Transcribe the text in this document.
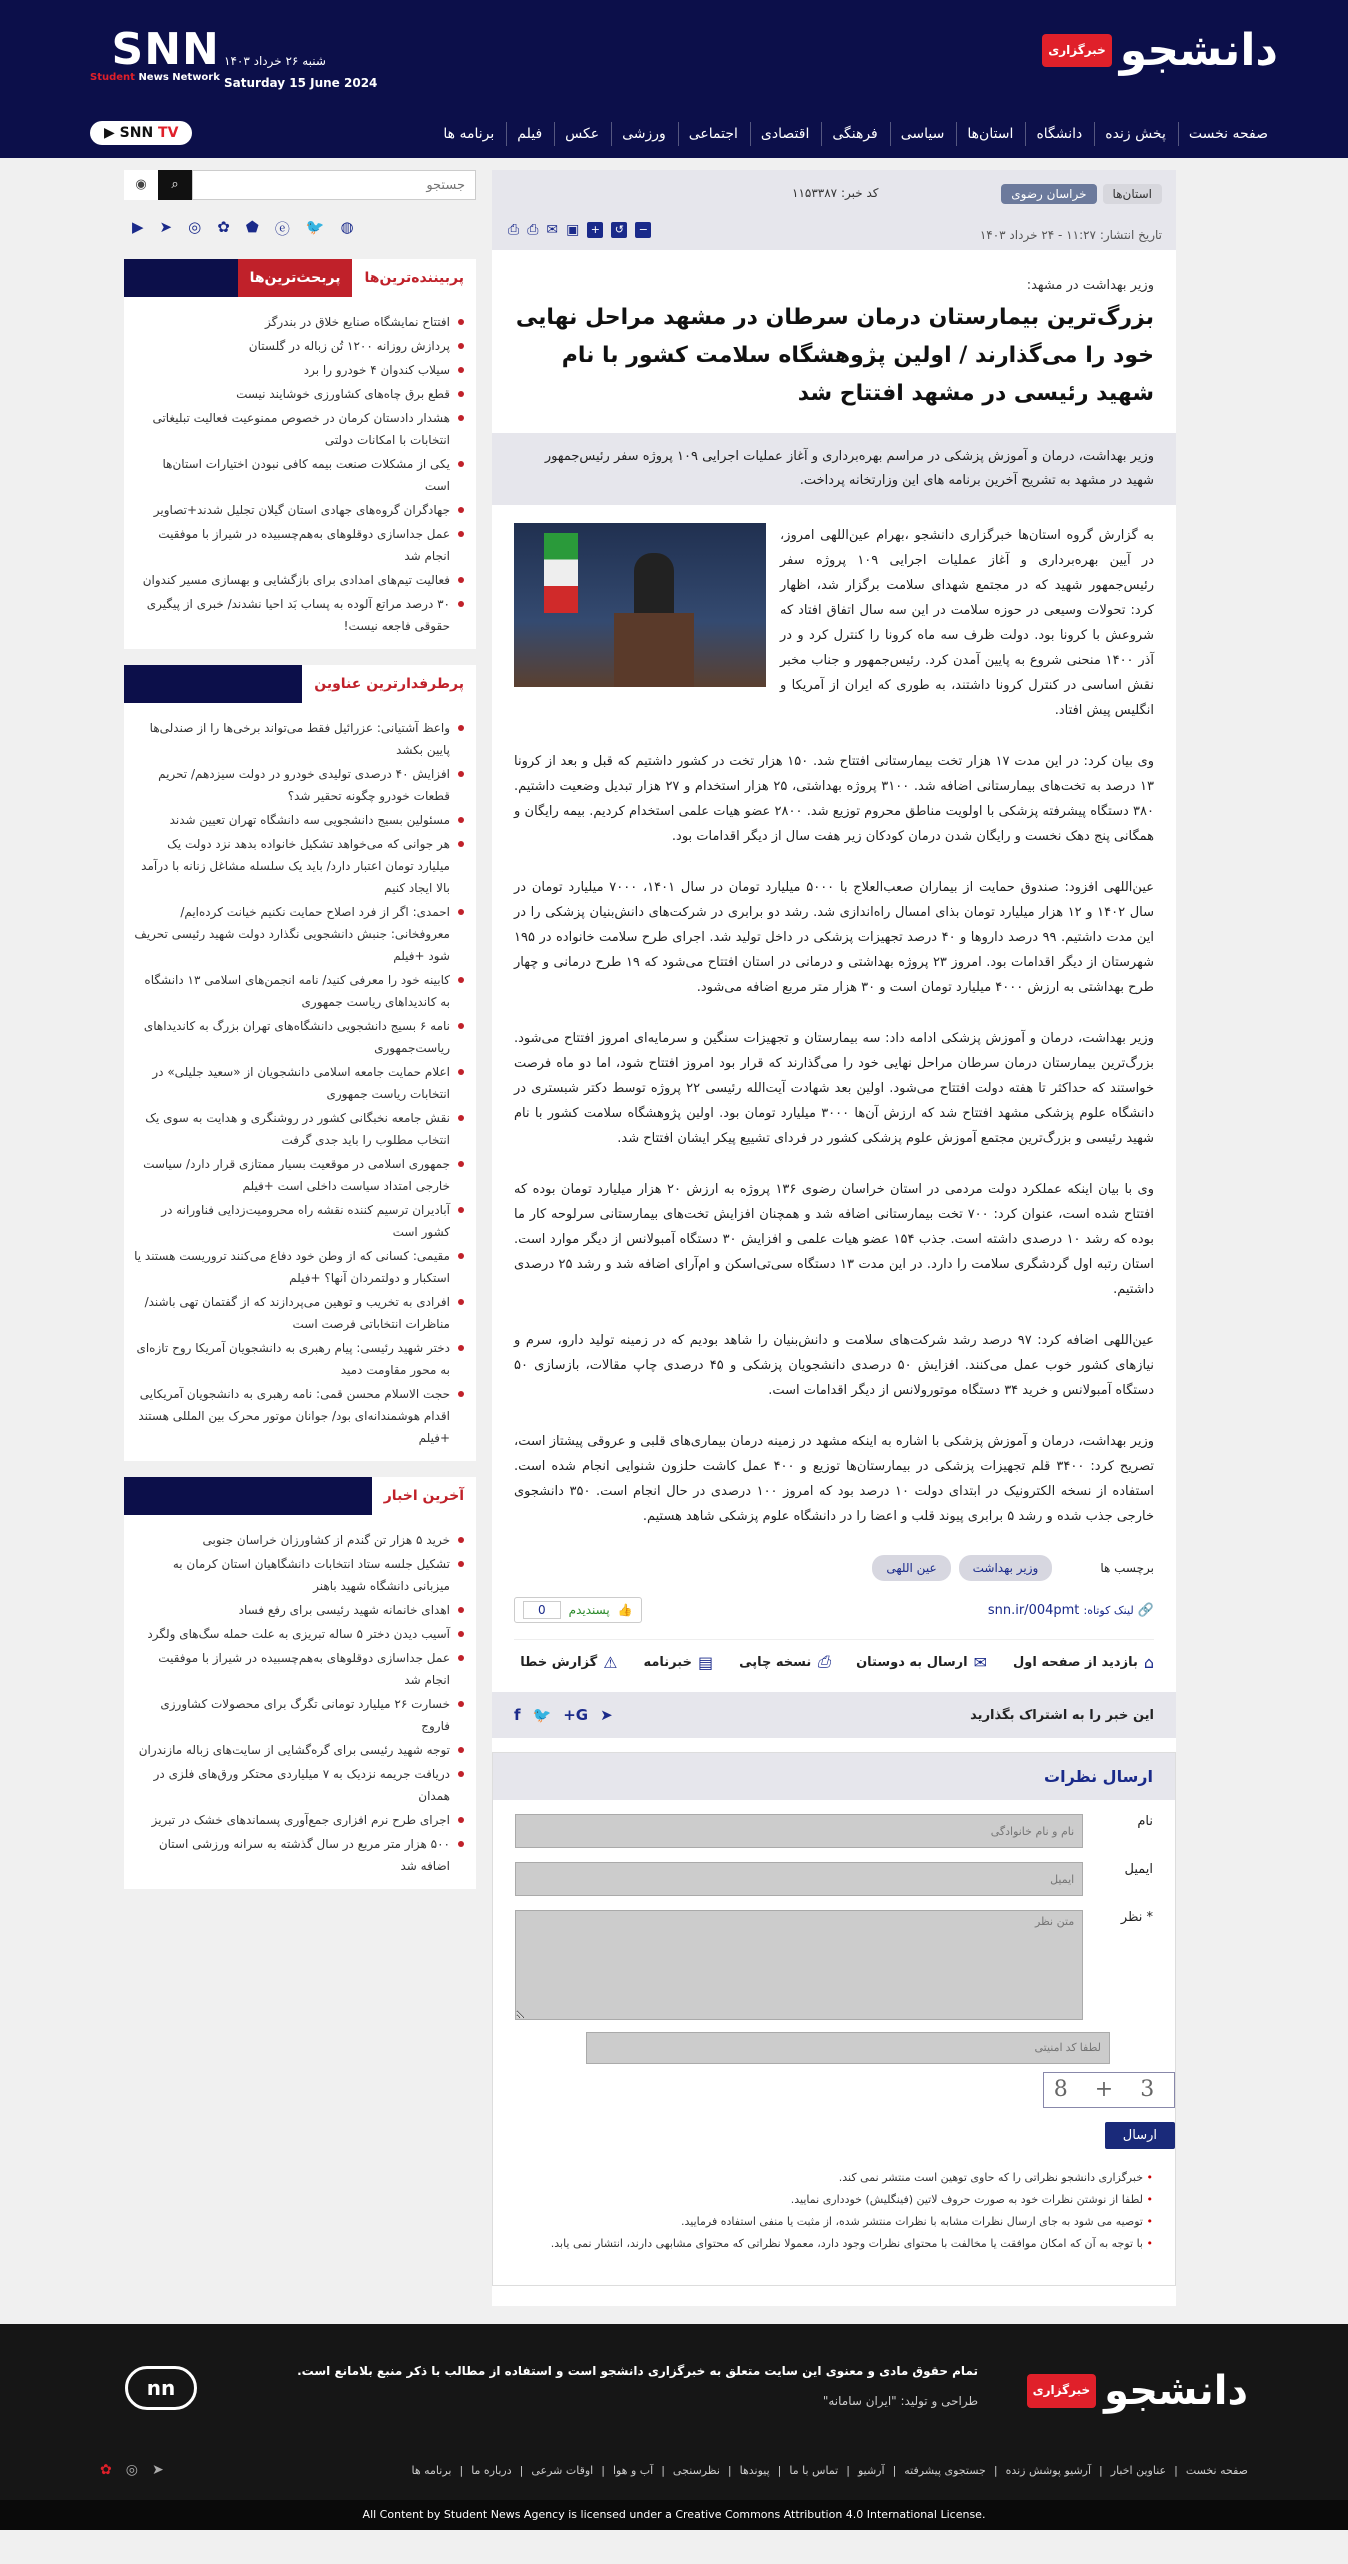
دانشجو
خبرگزاری
SNN
Student News Network
شنبه ۲۶ خرداد ۱۴۰۳
Saturday 15 June 2024
▶ SNN TV	صفحه نخست
پخش زنده
دانشگاه
استان‌ها
سیاسی
فرهنگی
اقتصادی
اجتماعی
ورزشی
عکس
فیلم
برنامه ها
استان‌ها
خراسان رضوی
کد خبر: ۱۱۵۳۳۸۷
تاریخ انتشار: ۱۱:۲۷ - ۲۴ خرداد ۱۴۰۳
−
↺
+
▣
✉
⎙
⎙
وزیر بهداشت در مشهد:
بزرگ‌ترین بیمارستان درمان سرطان در مشهد مراحل نهایی خود را می‌گذارند / اولین پژوهشگاه سلامت کشور با نام شهید رئیسی در مشهد افتتاح شد
وزیر بهداشت، درمان و آموزش پزشکی در مراسم بهره‌برداری و آغاز عملیات اجرایی ۱۰۹ پروژه سفر رئیس‌جمهور شهید در مشهد به تشریح آخرین برنامه های این وزارتخانه پرداخت.

به گزارش گروه استان‌ها خبرگزاری دانشجو ،بهرام عین‌اللهی امروز، در آیین بهره‌برداری و آغاز عملیات اجرایی ۱۰۹ پروژه سفر رئیس‌جمهور شهید که در مجتمع شهدای سلامت برگزار شد، اظهار کرد: تحولات وسیعی در حوزه سلامت در این سه سال اتفاق افتاد که شروعش با کرونا بود. دولت ظرف سه ماه کرونا را کنترل کرد و در آذر ۱۴۰۰ منحنی شروع به پایین آمدن کرد. رئیس‌جمهور و جناب مخبر نقش اساسی در کنترل کرونا داشتند، به طوری که ایران از آمریکا و انگلیس پیش افتاد.

وی بیان کرد: در این مدت ۱۷ هزار تخت بیمارستانی افتتاح شد. ۱۵۰ هزار تخت در کشور داشتیم که قبل و بعد از کرونا ۱۳ درصد به تخت‌های بیمارستانی اضافه شد. ۳۱۰۰ پروژه بهداشتی، ۲۵ هزار استخدام و ۲۷ هزار تبدیل وضعیت داشتیم. ۳۸۰ دستگاه پیشرفته پزشکی با اولویت مناطق محروم توزیع شد. ۲۸۰۰ عضو هیات علمی استخدام کردیم. بیمه رایگان و همگانی پنج دهک نخست و رایگان شدن درمان کودکان زیر هفت سال از دیگر اقدامات بود.

عین‌اللهی افزود: صندوق حمایت از بیماران صعب‌العلاج با ۵۰۰۰ میلیارد تومان در سال ۱۴۰۱، ۷۰۰۰ میلیارد تومان در سال ۱۴۰۲ و ۱۲ هزار میلیارد تومان بذای امسال راه‌اندازی شد. رشد دو برابری در شرکت‌های دانش‌بنیان پزشکی را در این مدت داشتیم. ۹۹ درصد داروها و ۴۰ درصد تجهیزات پزشکی در داخل تولید شد. اجرای طرح سلامت خانواده در ۱۹۵ شهرستان از دیگر اقدامات بود. امروز ۲۳ پروژه بهداشتی و درمانی در استان افتتاح می‌شود که ۱۹ طرح درمانی و چهار طرح بهداشتی به ارزش ۴۰۰۰ میلیارد تومان است و ۳۰ هزار متر مربع اضافه می‌شود.

وزیر بهداشت، درمان و آموزش پزشکی ادامه داد: سه بیمارستان و تجهیزات سنگین و سرمایه‌ای امروز افتتاح می‌شود. بزرگ‌ترین بیمارستان درمان سرطان مراحل نهایی خود را می‌گذارند که قرار بود امروز افتتاح شود، اما دو ماه فرصت خواستند که حداکثر تا هفته دولت افتتاح می‌شود. اولین بعد شهادت آیت‌الله رئیسی ۲۲ پروژه توسط دکتر شبستری در دانشگاه علوم پزشکی مشهد افتتاح شد که ارزش آن‌ها ۳۰۰۰ میلیارد تومان بود. اولین پژوهشگاه سلامت کشور با نام شهید رئیسی و بزرگ‌ترین مجتمع آموزش علوم پزشکی کشور در فردای تشییع پیکر ایشان افتتاح شد.

وی با بیان اینکه عملکرد دولت مردمی در استان خراسان رضوی ۱۳۶ پروژه به ارزش ۲۰ هزار میلیارد تومان بوده که افتتاح شده است، عنوان کرد: ۷۰۰ تخت بیمارستانی اضافه شد و همچنان افزایش تخت‌های بیمارستانی سرلوحه کار ما بوده که رشد ۱۰ درصدی داشته است. جذب ۱۵۴ عضو هیات علمی و افزایش ۳۰ دستگاه آمبولانس از دیگر موارد است. استان رتبه اول گردشگری سلامت را دارد. در این مدت ۱۳ دستگاه سی‌تی‌اسکن و ام‌آرای اضافه شد و رشد ۲۵ درصدی داشتیم.

عین‌اللهی اضافه کرد: ۹۷ درصد رشد شرکت‌های سلامت و دانش‌بنیان را شاهد بودیم که در زمینه تولید دارو، سرم و نیازهای کشور خوب عمل می‌کنند. افزایش ۵۰ درصدی دانشجویان پزشکی و ۴۵ درصدی چاپ مقالات، بازسازی ۵۰ دستگاه آمبولانس و خرید ۳۴ دستگاه موتورولانس از دیگر اقدامات است.

وزیر بهداشت، درمان و آموزش پزشکی با اشاره به اینکه مشهد در زمینه درمان بیماری‌های قلبی و عروقی پیشتاز است، تصریح کرد: ۳۴۰۰ قلم تجهیزات پزشکی در بیمارستان‌ها توزیع و ۴۰۰ عمل کاشت حلزون شنوایی انجام شده است. استفاده از نسخه الکترونیک در ابتدای دولت ۱۰ درصد بود که امروز ۱۰۰ درصدی در حال انجام است. ۳۵۰ دانشجوی خارجی جذب شده و رشد ۵ برابری پیوند قلب و اعضا را در دانشگاه علوم پزشکی شاهد هستیم.

برچسب ها
وزیر بهداشت
عین اللهی
🔗 لینک کوتاه: snn.ir/004pmt
👍
پسندیدم
0
⌂
بازدید از صفحه اول
✉
ارسال به دوستان
⎙
نسخه چاپی
▤
خبرنامه
⚠
گزارش خطا
این خبر را به اشتراک بگذارید
➤
G+
🐦
f
ارسال نظرات
نام
نام و نام خانوادگی
ایمیل
ایمیل
* نظر
متن نظر
لطفا کد امنیتی
8 + 3
ارسال
• خبرگزاری دانشجو نظراتی را که حاوی توهین است منتشر نمی کند.
• لطفا از نوشتن نظرات خود به صورت حروف لاتین (فینگلیش) خودداری نمایید.
• توصیه می شود به جای ارسال نظرات مشابه با نظرات منتشر شده، از مثبت یا منفی استفاده فرمایید.
• با توجه به آن که امکان موافقت یا مخالفت با محتوای نظرات وجود دارد، معمولا نظراتی که محتوای مشابهی دارند، انتشار نمی یابد.
جستجو
⌕
◉
▶ ➤ ◎ ✿ ⬟ ⓔ 🐦 ◍
پربیننده‌ترین‌ها
پربحث‌ترین‌ها
افتتاح نمایشگاه صنایع خلاق در بندرگز
پردازش روزانه ۱۲۰۰ تُن زباله در گلستان
سیلاب کندوان ۴ خودرو را برد
قطع برق چاه‌های کشاورزی خوشایند نیست
هشدار دادستان کرمان در خصوص ممنوعیت فعالیت تبلیغاتی انتخابات با امکانات دولتی
یکی از مشکلات صنعت بیمه کافی نبودن اختیارات استان‌ها است
جهادگران گروه‌های جهادی استان گیلان تجلیل شدند+تصاویر
عمل جداسازی دوقلو‌های به‌هم‌چسبیده در شیراز با موفقیت انجام شد
فعالیت تیم‌های امدادی برای بازگشایی و بهسازی مسیر کندوان
۳۰ درصد مراتع آلوده به پساب بَد احیا نشدند/ خبری از پیگیری حقوقی فاجعه نیست!
پرطرفدارترین عناوین
واعظ آشتیانی: عزرائیل فقط می‌تواند برخی‌ها را از صندلی‌ها پایین بکشد
افزایش ۴۰ درصدی تولیدی خودرو در دولت سیزدهم/ تحریم قطعات خودرو چگونه تحقیر شد؟
مسئولین بسیج دانشجویی سه دانشگاه تهران تعیین شدند
هر جوانی که می‌خواهد تشکیل خانواده بدهد نزد دولت یک میلیارد تومان اعتبار دارد/ باید یک سلسله مشاغل زنانه با درآمد بالا ایجاد کنیم
احمدی: اگر از فرد اصلاح حمایت نکنیم خیانت کرده‌ایم/ معروفخانی: جنبش دانشجویی نگذارد دولت شهید رئیسی تحریف شود +فیلم
کابینه خود را معرفی کنید/ نامه انجمن‌های اسلامی ۱۳ دانشگاه به کاندیداهای ریاست جمهوری
نامه ۶ بسیج دانشجویی دانشگاه‌های تهران بزرگ به کاندیداهای ریاست‌جمهوری
اعلام حمایت جامعه اسلامی دانشجویان از «سعید جلیلی» در انتخابات ریاست جمهوری
نقش جامعه نخبگانی کشور در روشنگری و هدایت به سوی یک انتخاب مطلوب را باید جدی گرفت
جمهوری اسلامی در موقعیت بسیار ممتازی قرار دارد/ سیاست خارجی امتداد سیاست داخلی است +فیلم
آبادیران ترسیم کننده نقشه راه محرومیت‌زدایی فناورانه در کشور است
مقیمی: کسانی که از وطن خود دفاع می‌کنند تروریست هستند یا استکبار و دولتمردان آنها؟ +فیلم
افرادی به تخریب و توهین می‌پردازند که از گفتمان تهی باشند/ مناظرات انتخاباتی فرصت است
دختر شهید رئیسی: پیام رهبری به دانشجویان آمریکا روح تازه‌ای به محور مقاومت دمید
حجت الاسلام محسن قمی: نامه رهبری به دانشجویان آمریکایی اقدام هوشمندانه‌ای بود/ جوانان موتور محرک بین المللی هستند +فیلم
آخرین اخبار
خرید ۵ هزار تن گندم از کشاورزان خراسان جنوبی
تشکیل جلسه ستاد انتخابات دانشگاهیان استان کرمان به میزبانی دانشگاه شهید باهنر
اهدای خانمانه شهید رئیسی برای رفع فساد
آسیب دیدن دختر ۵ ساله تبریزی به علت حمله سگ‌های ولگرد
عمل جداسازی دوقلو‌های به‌هم‌چسبیده در شیراز با موفقیت انجام شد
خسارت ۲۶ میلیارد تومانی تگرگ برای محصولات کشاورزی فاروج
توجه شهید رئیسی برای گره‌گشایی از سایت‌های زباله مازندران
دریافت جریمه نزدیک به ۷ میلیاردی محتکر ورق‌های فلزی در همدان
اجرای طرح نرم افزاری جمع‌آوری پسماندهای خشک در تبریز
۵۰۰ هزار متر مربع در سال گذشته به سرانه ورزشی استان اضافه شد
دانشجو
خبرگزاری
تمام حقوق مادی و معنوی این سایت متعلق به خبرگزاری دانشجو است و استفاده از مطالب با ذکر منبع بلامانع است.
طراحی و تولید: "ایران سامانه"
nn
صفحه نخست
|
عناوین اخبار
|
آرشیو پوشش زنده
|
جستجوی پیشرفته
|
آرشیو
|
تماس با ما
|
پیوندها
|
نظرسنجی
|
آب و هوا
|
اوقات شرعی
|
درباره ما
|
برنامه ها
➤
◎
✿
All Content by Student News Agency is licensed under a Creative Commons Attribution 4.0 International License.
